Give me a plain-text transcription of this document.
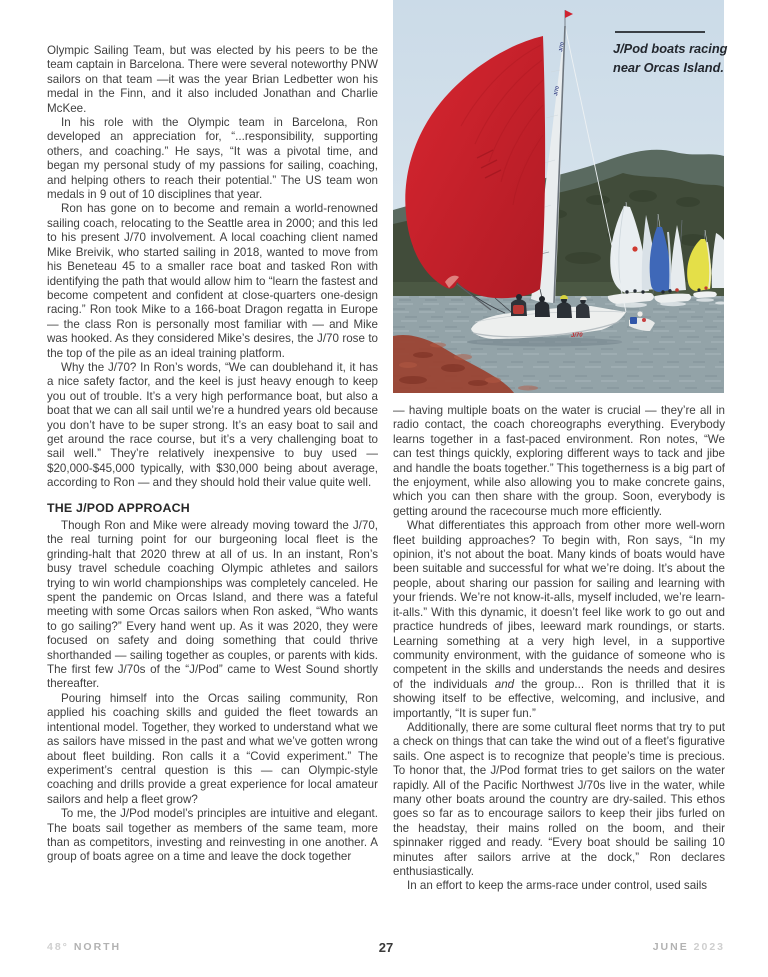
Olympic Sailing Team, but was elected by his peers to be the team captain in Barcelona. There were several noteworthy PNW sailors on that team —it was the year Brian Ledbetter won his medal in the Finn, and it also included Jonathan and Charlie McKee.

In his role with the Olympic team in Barcelona, Ron developed an appreciation for, “...responsibility, supporting others, and coaching.” He says, “It was a pivotal time, and began my personal study of my passions for sailing, coaching, and helping others to reach their potential.” The US team won medals in 9 out of 10 disciplines that year.

Ron has gone on to become and remain a world-renowned sailing coach, relocating to the Seattle area in 2000; and this led to his present J/70 involvement. A local coaching client named Mike Breivik, who started sailing in 2018, wanted to move from his Beneteau 45 to a smaller race boat and tasked Ron with identifying the path that would allow him to “learn the fastest and become competent and confident at close-quarters one-design racing.” Ron took Mike to a 166-boat Dragon regatta in Europe — the class Ron is personally most familiar with — and Mike was hooked. As they considered Mike’s desires, the J/70 rose to the top of the pile as an ideal training platform.

Why the J/70? In Ron’s words, “We can doublehand it, it has a nice safety factor, and the keel is just heavy enough to keep you out of trouble. It’s a very high performance boat, but also a boat that we can all sail until we’re a hundred years old because you don’t have to be super strong. It’s an easy boat to sail and get around the race course, but it’s a very challenging boat to sail well.” They’re relatively inexpensive to buy used — $20,000-$45,000 typically, with $30,000 being about average, according to Ron — and they should hold their value quite well.

THE J/POD APPROACH

Though Ron and Mike were already moving toward the J/70, the real turning point for our burgeoning local fleet is the grinding-halt that 2020 threw at all of us. In an instant, Ron’s busy travel schedule coaching Olympic athletes and sailors trying to win world championships was completely canceled. He spent the pandemic on Orcas Island, and there was a fateful meeting with some Orcas sailors when Ron asked, “Who wants to go sailing?” Every hand went up. As it was 2020, they were focused on safety and doing something that could thrive shorthanded — sailing together as couples, or parents with kids. The first few J/70s of the “J/Pod” came to West Sound shortly thereafter.

Pouring himself into the Orcas sailing community, Ron applied his coaching skills and guided the fleet towards an intentional model. Together, they worked to understand what we as sailors have missed in the past and what we’ve gotten wrong about fleet building. Ron calls it a “Covid experiment.” The experiment’s central question is this — can Olympic-style coaching and drills provide a great experience for local amateur sailors and help a fleet grow?

To me, the J/Pod model’s principles are intuitive and elegant. The boats sail together as members of the same team, more than as competitors, investing and reinvesting in one another. A group of boats agree on a time and leave the dock together

J/70
J/70
J/70
J/Pod boats racing
near Orcas Island.

— having multiple boats on the water is crucial — they’re all in radio contact, the coach choreographs everything. Everybody learns together in a fast-paced environment. Ron notes, “We can test things quickly, exploring different ways to tack and jibe and handle the boats together.” This togetherness is a big part of the enjoyment, while also allowing you to make concrete gains, which you can then share with the group. Soon, everybody is getting around the racecourse much more efficiently.

What differentiates this approach from other more well-worn fleet building approaches? To begin with, Ron says, “In my opinion, it’s not about the boat. Many kinds of boats would have been suitable and successful for what we’re doing. It’s about the people, about sharing our passion for sailing and learning with your friends. We’re not know-it-alls, myself included, we’re learn-it-alls.” With this dynamic, it doesn’t feel like work to go out and practice hundreds of jibes, leeward mark roundings, or starts. Learning something at a very high level, in a supportive community environment, with the guidance of someone who is competent in the skills and understands the needs and desires of the individuals and the group... Ron is thrilled that it is showing itself to be effective, welcoming, and inclusive, and importantly, “It is super fun.”

Additionally, there are some cultural fleet norms that try to put a check on things that can take the wind out of a fleet’s figurative sails. One aspect is to recognize that people’s time is precious. To honor that, the J/Pod format tries to get sailors on the water rapidly. All of the Pacific Northwest J/70s live in the water, while many other boats around the country are dry-sailed. This ethos goes so far as to encourage sailors to keep their jibs furled on the headstay, their mains rolled on the boom, and their spinnaker rigged and ready. “Every boat should be sailing 10 minutes after sailors arrive at the dock,” Ron declares enthusiastically.

In an effort to keep the arms-race under control, used sails

48° NORTH	27	JUNE 2023
